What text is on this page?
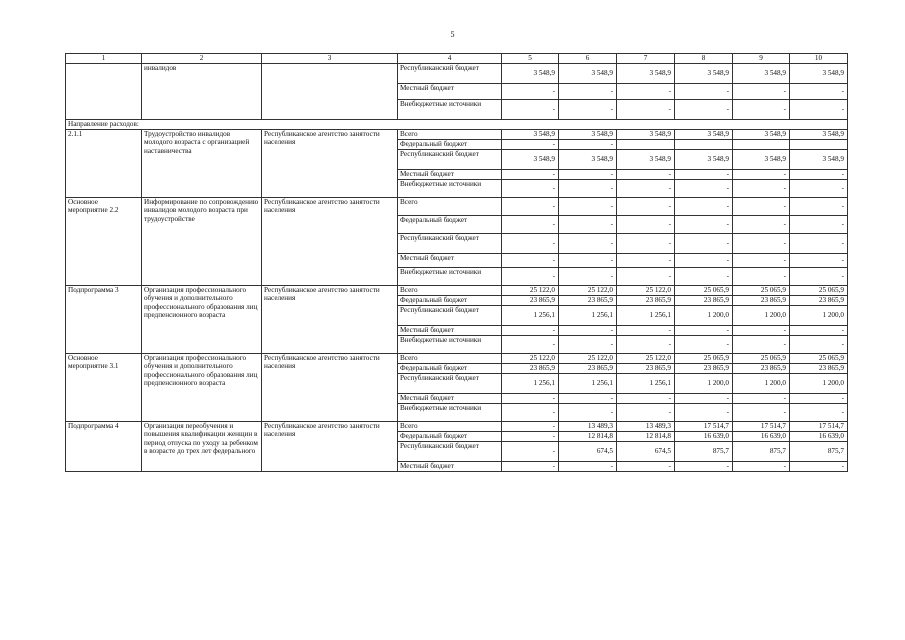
5
1	2	3	4	5	6	7	8	9	10
	инвалидов		Республиканский бюджет	3 548,9	3 548,9	3 548,9	3 548,9	3 548,9	3 548,9
			Местный бюджет	-	-	-	-	-	-
			Внебюджетные источники	-	-	-	-	-	-
Направление расходов:									
2.1.1	Трудоустройство инвалидов молодого возраста с организацией наставничества	Республиканское агентство занятости населения	Всего	3 548,9	3 548,9	3 548,9	3 548,9	3 548,9	3 548,9
			Федеральный бюджет	-	-				
			Республиканский бюджет	3 548,9	3 548,9	3 548,9	3 548,9	3 548,9	3 548,9
			Местный бюджет	-	-	-	-	-	-
			Внебюджетные источники	-	-	-	-	-	-
Основное мероприятие 2.2	Информирование по сопровождению инвалидов молодого возраста при трудоустройстве	Республиканское агентство занятости населения	Всего	-	-	-	-	-	-
			Федеральный бюджет	-	-	-	-	-	-
			Республиканский бюджет	-	-	-	-	-	-
			Местный бюджет	-	-	-	-	-	-
			Внебюджетные источники	-	-	-	-	-	-
Подпрограмма 3	Организация профессионального обучения и дополнительного профессионального образования лиц предпенсионного возраста	Республиканское агентство занятости населения	Всего	25 122,0	25 122,0	25 122,0	25 065,9	25 065,9	25 065,9
			Федеральный бюджет	23 865,9	23 865,9	23 865,9	23 865,9	23 865,9	23 865,9
			Республиканский бюджет	1 256,1	1 256,1	1 256,1	1 200,0	1 200,0	1 200,0
			Местный бюджет	-	-	-	-	-	-
			Внебюджетные источники	-	-	-	-	-	-
Основное мероприятие 3.1	Организация профессионального обучения и дополнительного профессионального образования лиц предпенсионного возраста	Республиканское агентство занятости населения	Всего	25 122,0	25 122,0	25 122,0	25 065,9	25 065,9	25 065,9
			Федеральный бюджет	23 865,9	23 865,9	23 865,9	23 865,9	23 865,9	23 865,9
			Республиканский бюджет	1 256,1	1 256,1	1 256,1	1 200,0	1 200,0	1 200,0
			Местный бюджет	-	-	-	-	-	-
			Внебюджетные источники	-	-	-	-	-	-
Подпрограмма 4	Организация переобучения и повышения квалификации женщин в период отпуска по уходу за ребенком в возрасте до трех лет федерального	Республиканское агентство занятости населения	Всего	-	13 489,3	13 489,3	17 514,7	17 514,7	17 514,7
			Федеральный бюджет	-	12 814,8	12 814,8	16 639,0	16 639,0	16 639,0
			Республиканский бюджет	-	674,5	674,5	875,7	875,7	875,7
			Местный бюджет	-	-	-	-	-	-
